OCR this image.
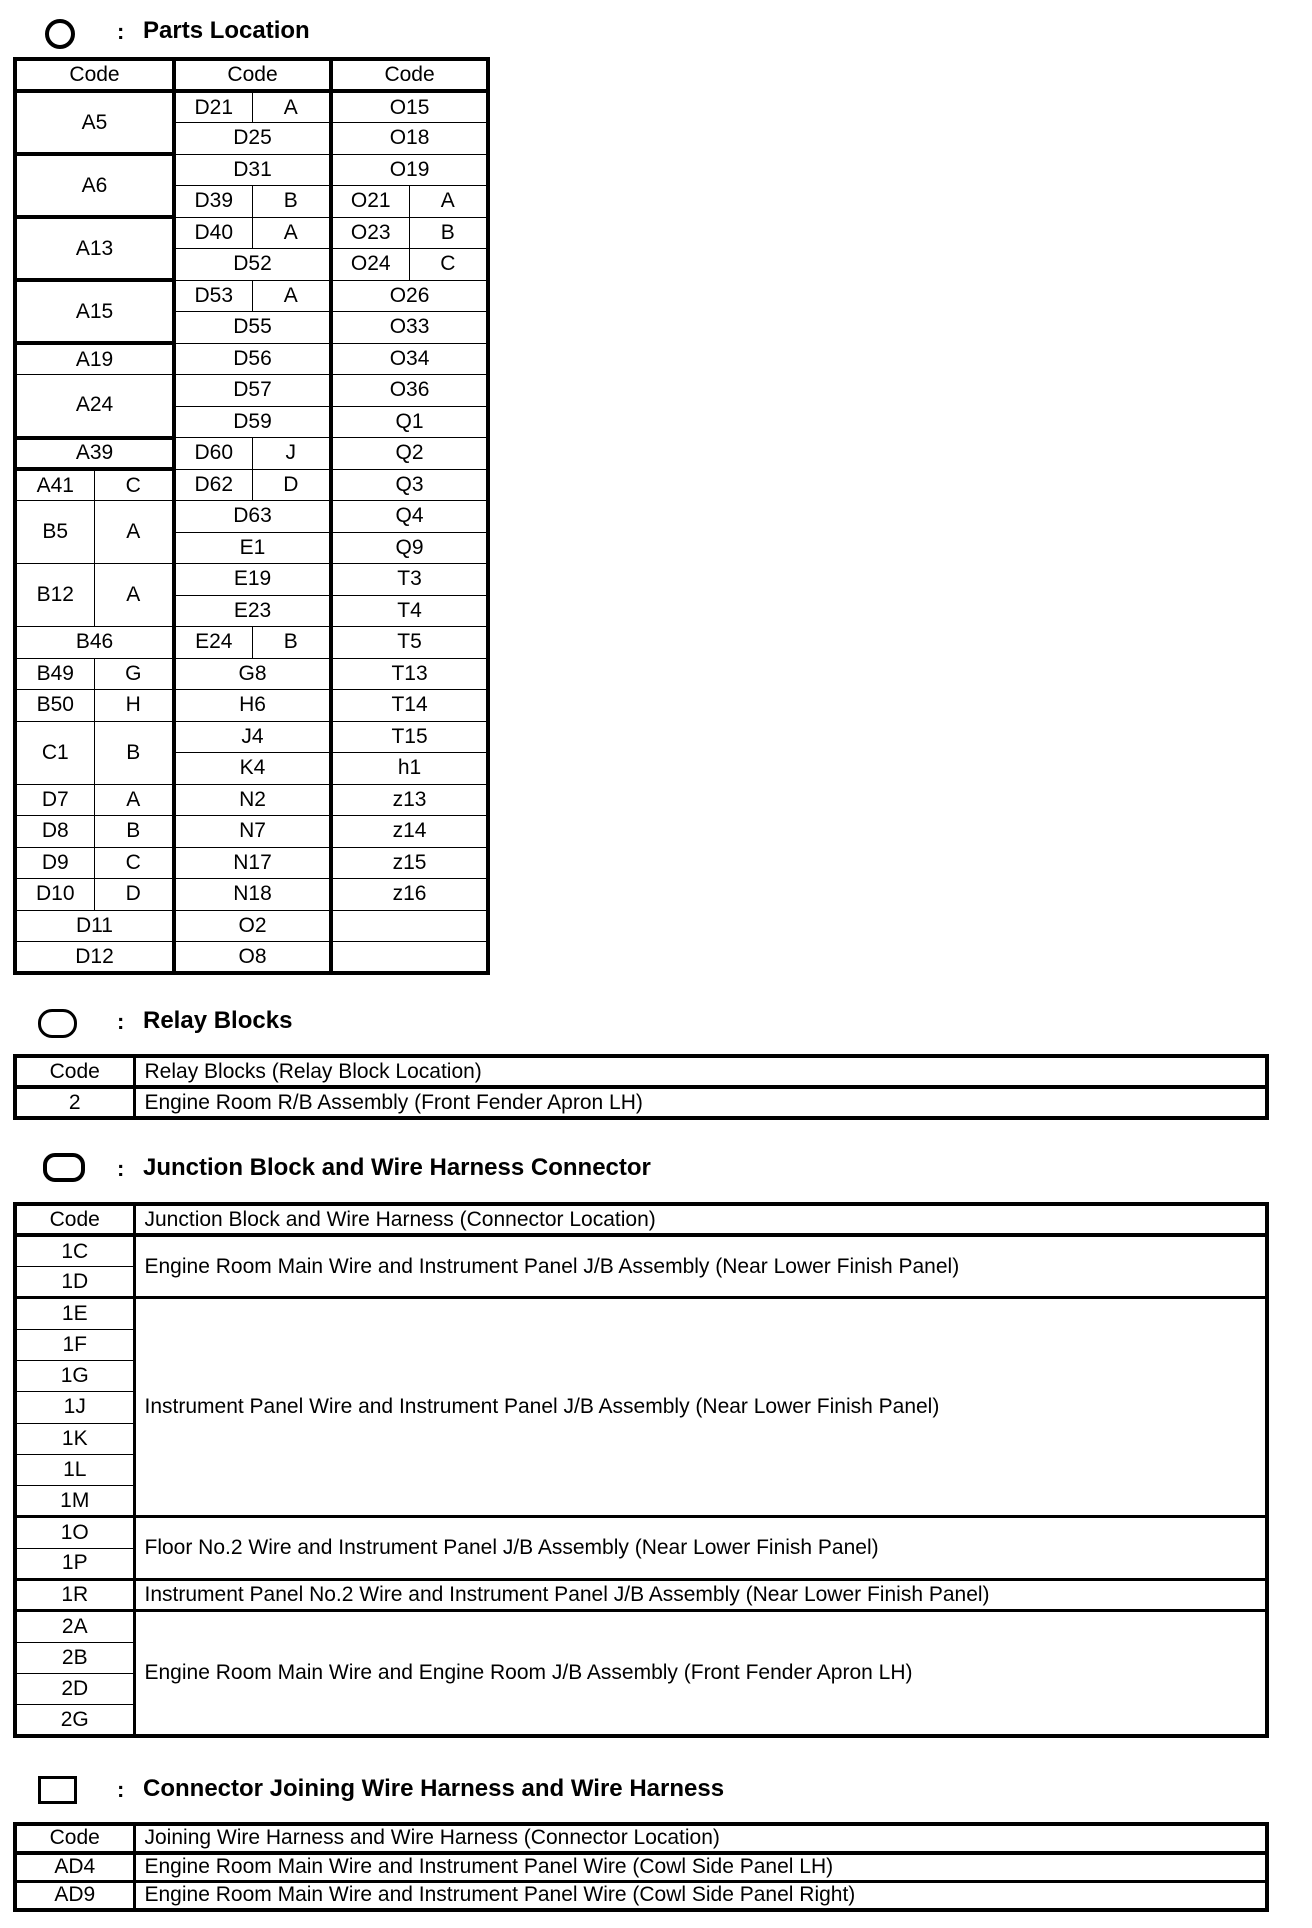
: Parts Location
Code		Code		Code	
A5		D21	A	O15	
		D25		O18	
A6		D31		O19	
		D39	B	O21	A
A13		D40	A	O23	B
		D52		O24	C
A15		D53	A	O26	
		D55		O33	
A19		D56		O34	
A24		D57		O36	
		D59		Q1	
A39		D60	J	Q2	
A41	C	D62	D	Q3	
B5	A	D63		Q4	
		E1		Q9	
B12	A	E19		T3	
		E23		T4	
B46		E24	B	T5	
B49	G	G8		T13	
B50	H	H6		T14	
C1	B	J4		T15	
		K4		h1	
D7	A	N2		z13	
D8	B	N7		z14	
D9	C	N17		z15	
D10	D	N18		z16	
D11		O2			
D12		O8			
: Relay Blocks
Code	Relay Blocks (Relay Block Location)
2	Engine Room R/B Assembly (Front Fender Apron LH)
: Junction Block and Wire Harness Connector
Code	Junction Block and Wire Harness (Connector Location)
1C	Engine Room Main Wire and Instrument Panel J/B Assembly (Near Lower Finish Panel)
1D	
1E	Instrument Panel Wire and Instrument Panel J/B Assembly (Near Lower Finish Panel)
1F	
1G	
1J	
1K	
1L	
1M	
1O	Floor No.2 Wire and Instrument Panel J/B Assembly (Near Lower Finish Panel)
1P	
1R	Instrument Panel No.2 Wire and Instrument Panel J/B Assembly (Near Lower Finish Panel)
2A	Engine Room Main Wire and Engine Room J/B Assembly (Front Fender Apron LH)
2B	
2D	
2G	
: Connector Joining Wire Harness and Wire Harness
Code	Joining Wire Harness and Wire Harness (Connector Location)
AD4	Engine Room Main Wire and Instrument Panel Wire (Cowl Side Panel LH)
AD9	Engine Room Main Wire and Instrument Panel Wire (Cowl Side Panel Right)
